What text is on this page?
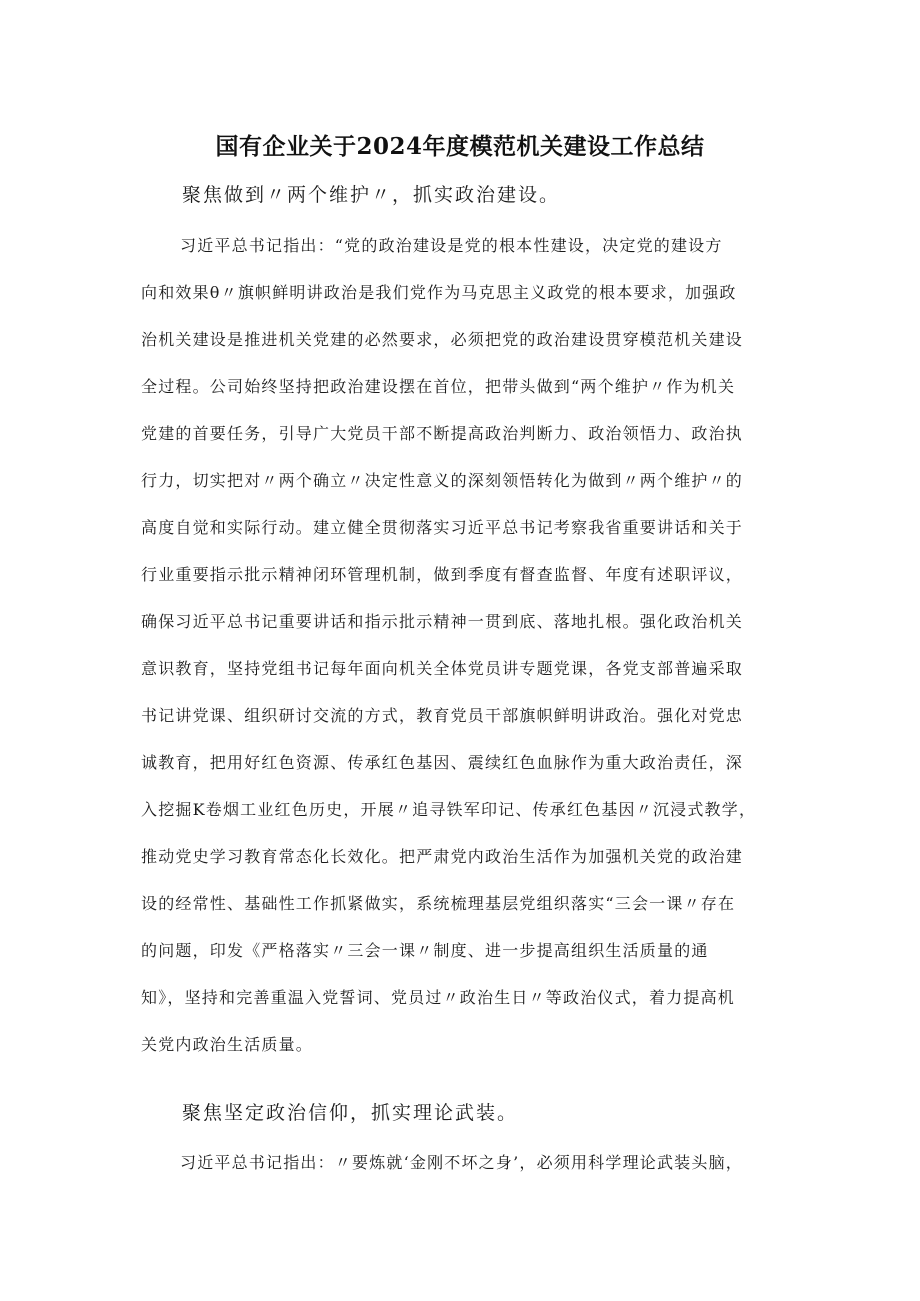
国有企业关于2024年度模范机关建设工作总结
聚焦做到〃两个维护〃，抓实政治建设。
习近平总书记指出：“党的政治建设是党的根本性建设，决定党的建设方
向和效果θ〃旗帜鲜明讲政治是我们党作为马克思主义政党的根本要求，加强政
治机关建设是推进机关党建的必然要求，必须把党的政治建设贯穿模范机关建设
全过程。公司始终坚持把政治建设摆在首位，把带头做到“两个维护〃作为机关
党建的首要任务，引导广大党员干部不断提高政治判断力、政治领悟力、政治执
行力，切实把对〃两个确立〃决定性意义的深刻领悟转化为做到〃两个维护〃的
高度自觉和实际行动。建立健全贯彻落实习近平总书记考察我省重要讲话和关于
行业重要指示批示精神闭环管理机制，做到季度有督查监督、年度有述职评议，
确保习近平总书记重要讲话和指示批示精神一贯到底、落地扎根。强化政治机关
意识教育，坚持党组书记每年面向机关全体党员讲专题党课，各党支部普遍采取
书记讲党课、组织研讨交流的方式，教育党员干部旗帜鲜明讲政治。强化对党忠
诚教育，把用好红色资源、传承红色基因、震续红色血脉作为重大政治责任，深
入挖掘K卷烟工业红色历史，开展〃追寻铁军印记、传承红色基因〃沉浸式教学，
推动党史学习教育常态化长效化。把严肃党内政治生活作为加强机关党的政治建
设的经常性、基础性工作抓紧做实，系统梳理基层党组织落实“三会一课〃存在
的问题，印发《严格落实〃三会一课〃制度、进一步提高组织生活质量的通
知》，坚持和完善重温入党誓词、党员过〃政治生日〃等政治仪式，着力提高机
关党内政治生活质量。
聚焦坚定政治信仰，抓实理论武装。
习近平总书记指出：〃要炼就‘金刚不坏之身’，必须用科学理论武装头脑，
